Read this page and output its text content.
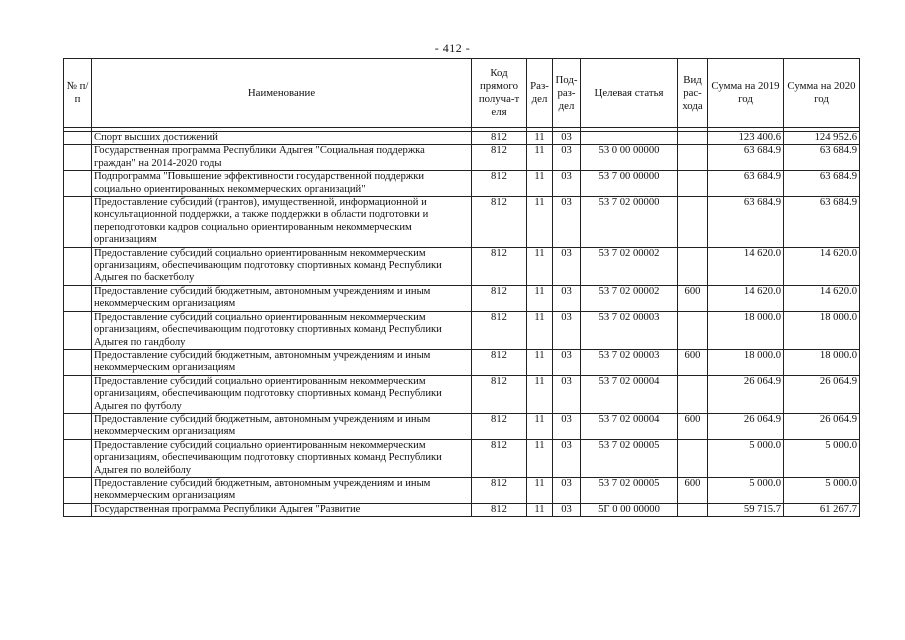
- 412 -
№ п/п	Наименование	Код прямого получа-т еля	Раз- дел	Под- раз- дел	Целевая статья	Вид рас- хода	Сумма на 2019 год	Сумма на 2020 год

	Спорт высших достижений	812	11	03			123 400.6	124 952.6
	Государственная программа Республики Адыгея "Социальная поддержка граждан" на 2014-2020 годы	812	11	03	53 0 00 00000		63 684.9	63 684.9
	Подпрограмма "Повышение эффективности государственной поддержки социально ориентированных некоммерческих организаций"	812	11	03	53 7 00 00000		63 684.9	63 684.9
	Предоставление субсидий (грантов), имущественной, информационной и консультационной поддержки, а также поддержки в области подготовки и переподготовки кадров социально ориентированным некоммерческим организациям	812	11	03	53 7 02 00000		63 684.9	63 684.9
	Предоставление субсидий социально ориентированным некоммерческим организациям, обеспечивающим подготовку спортивных команд Республики Адыгея по баскетболу	812	11	03	53 7 02 00002		14 620.0	14 620.0
	Предоставление субсидий бюджетным, автономным учреждениям и иным некоммерческим организациям	812	11	03	53 7 02 00002	600	14 620.0	14 620.0
	Предоставление субсидий социально ориентированным некоммерческим организациям, обеспечивающим подготовку спортивных команд Республики Адыгея по гандболу	812	11	03	53 7 02 00003		18 000.0	18 000.0
	Предоставление субсидий бюджетным, автономным учреждениям и иным некоммерческим организациям	812	11	03	53 7 02 00003	600	18 000.0	18 000.0
	Предоставление субсидий социально ориентированным некоммерческим организациям, обеспечивающим подготовку спортивных команд Республики Адыгея по футболу	812	11	03	53 7 02 00004		26 064.9	26 064.9
	Предоставление субсидий бюджетным, автономным учреждениям и иным некоммерческим организациям	812	11	03	53 7 02 00004	600	26 064.9	26 064.9
	Предоставление субсидий социально ориентированным некоммерческим организациям, обеспечивающим подготовку спортивных команд Республики Адыгея по волейболу	812	11	03	53 7 02 00005		5 000.0	5 000.0
	Предоставление субсидий бюджетным, автономным учреждениям и иным некоммерческим организациям	812	11	03	53 7 02 00005	600	5 000.0	5 000.0
	Государственная программа Республики Адыгея "Развитие	812	11	03	5Г 0 00 00000		59 715.7	61 267.7
